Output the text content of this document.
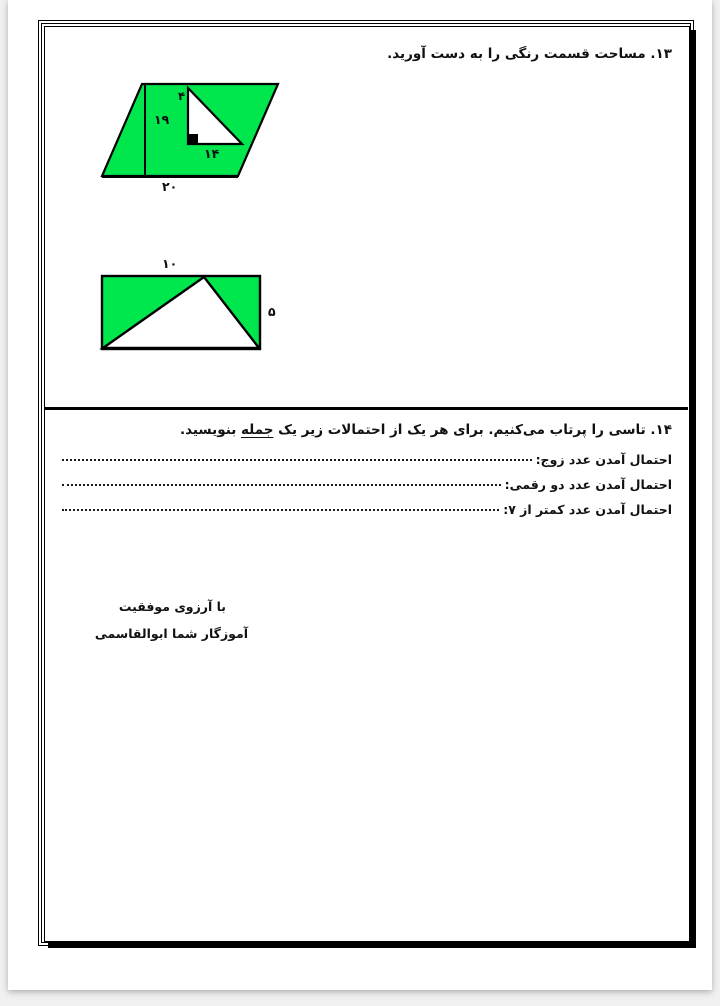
۱۳. مساحت قسمت رنگی را به دست آورید.
۱۹
۴
۱۴
۲۰
۱۰
۵
۱۴. تاسی را پرتاب می‌کنیم. برای هر یک از احتمالات زیر یک جمله بنویسید.
احتمال آمدن عدد زوج:
احتمال آمدن عدد دو رقمی:
احتمال آمدن عدد کمتر از ۷:
با آرزوی موفقیت
آموزگار شما ابوالقاسمی
